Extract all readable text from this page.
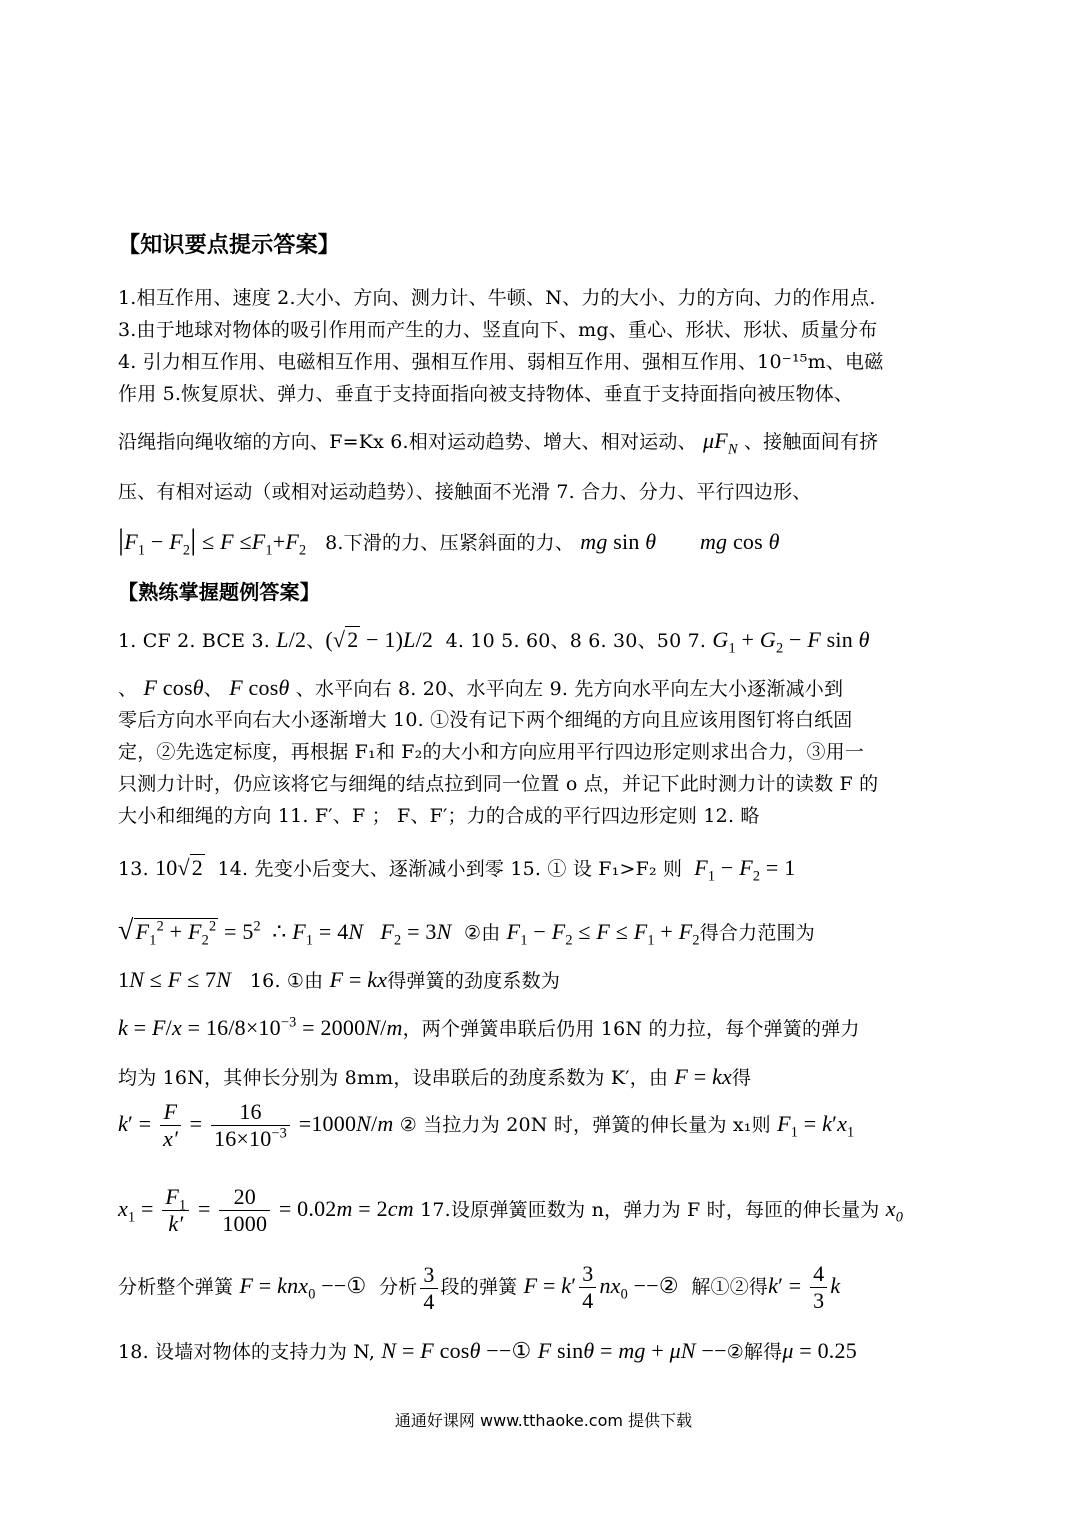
【知识要点提示答案】
1.相互作用、速度 2.大小、方向、测力计、牛顿、N、力的大小、力的方向、力的作用点.
3.由于地球对物体的吸引作用而产生的力、竖直向下、mg、重心、形状、形状、质量分布
4. 引力相互作用、电磁相互作用、强相互作用、弱相互作用、强相互作用、10⁻¹⁵m、电磁
作用 5.恢复原状、弹力、垂直于支持面指向被支持物体、垂直于支持面指向被压物体、
沿绳指向绳收缩的方向、F=Kx 6.相对运动趋势、增大、相对运动、 $\mu F_N$ 、接触面间有挤
压、有相对运动（或相对运动趋势）、接触面不光滑 7. 合力、分力、平行四边形、
$|F_1 - F_2| \le F \le F_1+F_2$ 8.下滑的力、压紧斜面的力、 mg sin θ mg cos θ
【熟练掌握题例答案】
1. CF 2. BCE 3. L/2、(√2 − 1)L/2 4. 10 5. 60、8 6. 30、50 7. $G_1 + G_2 - F$ sin θ
、 F cosθ、 F cosθ 、水平向右 8. 20、水平向左 9. 先方向水平向左大小逐渐减小到
零后方向水平向右大小逐渐增大 10. ①没有记下两个细绳的方向且应该用图钉将白纸固
定，②先选定标度，再根据 F₁和 F₂的大小和方向应用平行四边形定则求出合力，③用一
只测力计时，仍应该将它与细绳的结点拉到同一位置 o 点，并记下此时测力计的读数 F 的
大小和细绳的方向 11. F′、F ； F、F′；力的合成的平行四边形定则 12. 略
13. 10√2 14. 先变小后变大、逐渐减小到零 15. ① 设 F₁>F₂ 则 $F_1 - F_2 = 1$
$√F_1^2 + F_2^2 = 5^2$  ∴ $F_1 = 4N$ $F_2 = 3N$ ②由 $F_1 - F_2 \le F \le F_1 + F_2$得合力范围为
1N ≤ F ≤ 7N 16. ①由 F = kx得弹簧的劲度系数为
$k = F/x = 16/8\times 10^{-3} = 2000N/m$，两个弹簧串联后仍用 16N 的力拉，每个弹簧的弹力
均为 16N，其伸长分别为 8mm，设串联后的劲度系数为 K′，由 F = kx得
$k' = \frac{F}{x'} = \frac{16}{16\times 10^{-3}} =1000N/m$ ② 当拉力为 20N 时，弹簧的伸长量为 x₁则 $F_1 = k'x_1$
$x_1 = \frac{F_1}{k'} = \frac{20}{1000} = 0.02m = 2cm$ 17.设原弹簧匝数为 n，弹力为 F 时，每匝的伸长量为 $x_0$
分析整个弹簧 F = knx$_0$ −−① 分析 $\frac{3}{4}$ 段的弹簧 $F = k' \frac{3}{4} nx_0$ −−② 解①②得$k' = \frac{4}{3}$ k
18. 设墙对物体的支持力为 N, N = F cosθ −−① F sinθ = mg + μN −−②解得μ = 0.25
通通好课网 www.tthaoke.com 提供下载
